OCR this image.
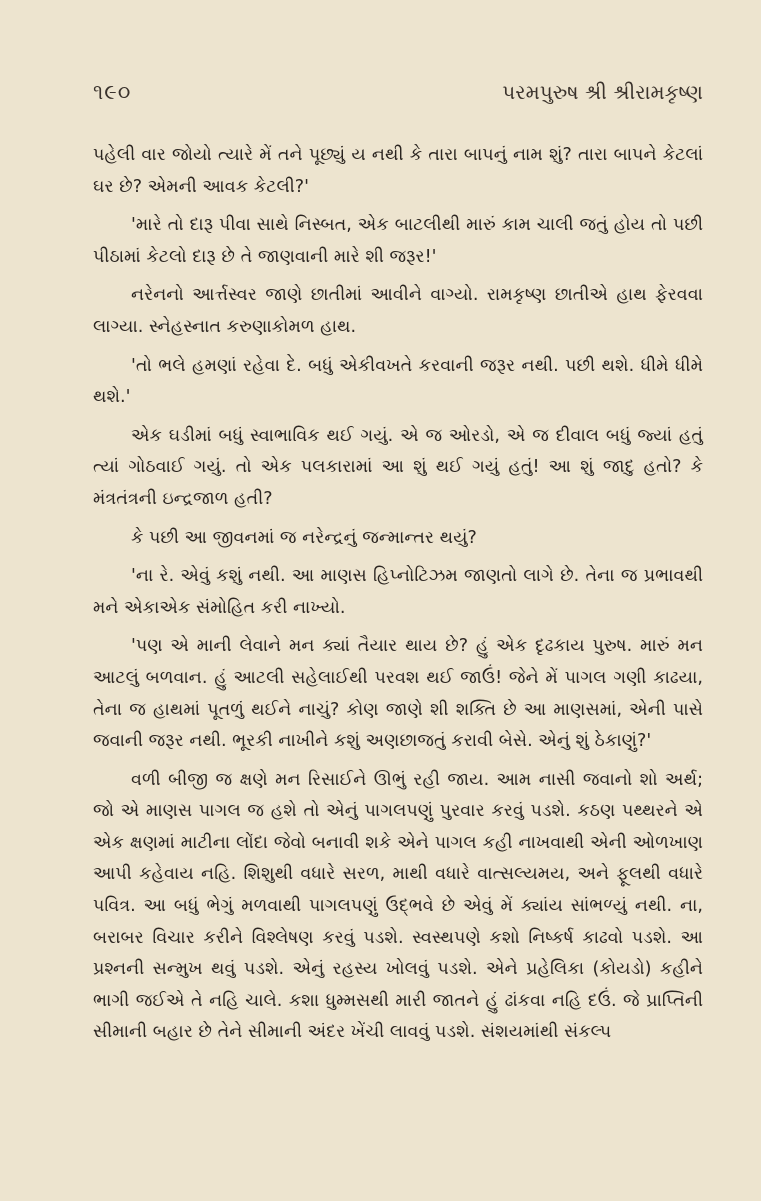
૧૯૦	પરમપુરુષ શ્રી શ્રીરામકૃષ્ણ

પહેલી વાર જોયો ત્યારે મેં તને પૂછ્યું ય નથી કે તારા બાપનું નામ શું? તારા બાપને કેટલાં ઘર છે? એમની આવક કેટલી?'

'મારે તો દારૂ પીવા સાથે નિસ્બત, એક બાટલીથી મારું કામ ચાલી જતું હોય તો પછી પીઠામાં કેટલો દારૂ છે તે જાણવાની મારે શી જરૂર!'

નરેનનો આર્ત્તસ્વર જાણે છાતીમાં આવીને વાગ્યો. રામકૃષ્ણ છાતીએ હાથ ફેરવવા લાગ્યા. સ્નેહસ્નાત કરુણાકોમળ હાથ.

'તો ભલે હમણાં રહેવા દે. બધું એકીવખતે કરવાની જરૂર નથી. પછી થશે. ધીમે ધીમે થશે.'

એક ઘડીમાં બધું સ્વાભાવિક થઈ ગયું. એ જ ઓરડો, એ જ દીવાલ બધું જ્યાં હતું ત્યાં ગોઠવાઈ ગયું. તો એક પલકારામાં આ શું થઈ ગયું હતું! આ શું જાદુ હતો? કે મંત્રતંત્રની ઇન્દ્રજાળ હતી?

કે પછી આ જીવનમાં જ નરેન્દ્રનું જન્માન્તર થયું?

'ના રે. એવું કશું નથી. આ માણસ હિપ્નોટિઝમ જાણતો લાગે છે. તેના જ પ્રભાવથી મને એકાએક સંમોહિત કરી નાખ્યો.

'પણ એ માની લેવાને મન ક્યાં તૈયાર થાય છે? હું એક દૃઢકાય પુરુષ. મારું મન આટલું બળવાન. હું આટલી સહેલાઈથી પરવશ થઈ જાઉં! જેને મેં પાગલ ગણી કાઢયા, તેના જ હાથમાં પૂતળું થઈને નાચું? કોણ જાણે શી શક્તિ છે આ માણસમાં, એની પાસે જવાની જરૂર નથી. ભૂરકી નાખીને કશું અણછાજતું કરાવી બેસે. એનું શું ઠેકાણું?'

વળી બીજી જ ક્ષણે મન રિસાઈને ઊભું રહી જાય. આમ નાસી જવાનો શો અર્થ; જો એ માણસ પાગલ જ હશે તો એનું પાગલપણું પુરવાર કરવું પડશે. કઠણ પથ્થરને એ એક ક્ષણમાં માટીના લોંદા જેવો બનાવી શકે એને પાગલ કહી નાખવાથી એની ઓળખાણ આપી કહેવાય નહિ. શિશુથી વધારે સરળ, માથી વધારે વાત્સલ્યમય, અને ફૂલથી વધારે પવિત્ર. આ બધું ભેગું મળવાથી પાગલપણું ઉદ્ભવે છે એવું મેં ક્યાંય સાંભળ્યું નથી. ના, બરાબર વિચાર કરીને વિશ્લેષણ કરવું પડશે. સ્વસ્થપણે કશો નિષ્કર્ષ કાઢવો પડશે. આ પ્રશ્નની સન્મુખ થવું પડશે. એનું રહસ્ય ખોલવું પડશે. એને પ્રહેલિકા (કોયડો) કહીને ભાગી જઈએ તે નહિ ચાલે. કશા ધુમ્મસથી મારી જાતને હું ઢાંકવા નહિ દઉં. જે પ્રાપ્તિની સીમાની બહાર છે તેને સીમાની અંદર ખેંચી લાવવું પડશે. સંશયમાંથી સંકલ્પ
